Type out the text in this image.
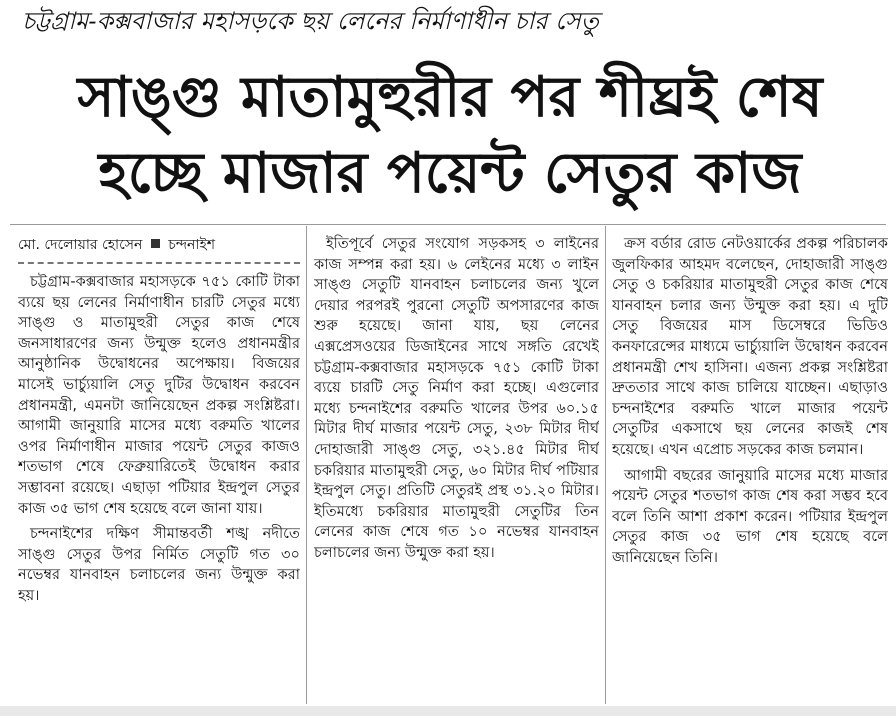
চট্টগ্রাম-কক্সবাজার মহাসড়কে ছয় লেনের নির্মাণাধীন চার সেতু
সাঙ্গু মাতামুহুরীর পর শীঘ্রই শেষ
হচ্ছে মাজার পয়েন্ট সেতুর কাজ
মো. দেলোয়ার হোসেন চন্দনাইশ

চট্টগ্রাম-কক্সবাজার মহাসড়কে ৭৫১ কোটি টাকা ব্যয়ে ছয় লেনের নির্মাণাধীন চারটি সেতুর মধ্যে সাঙ্গু ও মাতামুহুরী সেতুর কাজ শেষে জনসাধারণের জন্য উন্মুক্ত হলেও প্রধানমন্ত্রীর আনুষ্ঠানিক উদ্বোধনের অপেক্ষায়। বিজয়ের মাসেই ভার্চ্যুয়ালি সেতু দুটির উদ্বোধন করবেন প্রধানমন্ত্রী, এমনটা জানিয়েছেন প্রকল্প সংশ্লিষ্টরা। আগামী জানুয়ারি মাসের মধ্যে বরুমতি খালের ওপর নির্মাণাধীন মাজার পয়েন্ট সেতুর কাজও শতভাগ শেষে ফেব্রুয়ারিতেই উদ্বোধন করার সম্ভাবনা রয়েছে। এছাড়া পটিয়ার ইন্দ্রপুল সেতুর কাজ ৩৫ ভাগ শেষ হয়েছে বলে জানা যায়।

চন্দনাইশের দক্ষিণ সীমান্তবর্তী শঙ্খ নদীতে সাঙ্গু সেতুর উপর নির্মিত সেতুটি গত ৩০ নভেম্বর যানবাহন চলাচলের জন্য উন্মুক্ত করা হয়।

ইতিপূর্বে সেতুর সংযোগ সড়কসহ ৩ লাইনের কাজ সম্পন্ন করা হয়। ৬ লেইনের মধ্যে ৩ লাইন সাঙ্গু সেতুটি যানবাহন চলাচলের জন্য খুলে দেয়ার পরপরই পুরনো সেতুটি অপসারণের কাজ শুরু হয়েছে। জানা যায়, ছয় লেনের এক্সপ্রেসওয়ের ডিজাইনের সাথে সঙ্গতি রেখেই চট্টগ্রাম-কক্সবাজার মহাসড়কে ৭৫১ কোটি টাকা ব্যয়ে চারটি সেতু নির্মাণ করা হচ্ছে। এগুলোর মধ্যে চন্দনাইশের বরুমতি খালের উপর ৬০.১৫ মিটার দীর্ঘ মাজার পয়েন্ট সেতু, ২৩৮ মিটার দীর্ঘ দোহাজারী সাঙ্গু সেতু, ৩২১.৪৫ মিটার দীর্ঘ চকরিয়ার মাতামুহুরী সেতু, ৬০ মিটার দীর্ঘ পটিয়ার ইন্দ্রপুল সেতু। প্রতিটি সেতুরই প্রস্থ ৩১.২০ মিটার। ইতিমধ্যে চকরিয়ার মাতামুহুরী সেতুটির তিন লেনের কাজ শেষে গত ১০ নভেম্বর যানবাহন চলাচলের জন্য উন্মুক্ত করা হয়।

ক্রস বর্ডার রোড নেটওয়ার্কের প্রকল্প পরিচালক জুলফিকার আহমদ বলেছেন, দোহাজারী সাঙ্গু সেতু ও চকরিয়ার মাতামুহুরী সেতুর কাজ শেষে যানবাহন চলার জন্য উন্মুক্ত করা হয়। এ দুটি সেতু বিজয়ের মাস ডিসেম্বরে ভিডিও কনফারেন্সের মাধ্যমে ভার্চ্যুয়ালি উদ্বোধন করবেন প্রধানমন্ত্রী শেখ হাসিনা। এজন্য প্রকল্প সংশ্লিষ্টরা দ্রুততার সাথে কাজ চালিয়ে যাচ্ছেন। এছাড়াও চন্দনাইশের বরুমতি খালে মাজার পয়েন্ট সেতুটির একসাথে ছয় লেনের কাজই শেষ হয়েছে। এখন এপ্রোচ সড়কের কাজ চলমান।

আগামী বছরের জানুয়ারি মাসের মধ্যে মাজার পয়েন্ট সেতুর শতভাগ কাজ শেষ করা সম্ভব হবে বলে তিনি আশা প্রকাশ করেন। পটিয়ার ইন্দ্রপুল সেতুর কাজ ৩৫ ভাগ শেষ হয়েছে বলে জানিয়েছেন তিনি।
